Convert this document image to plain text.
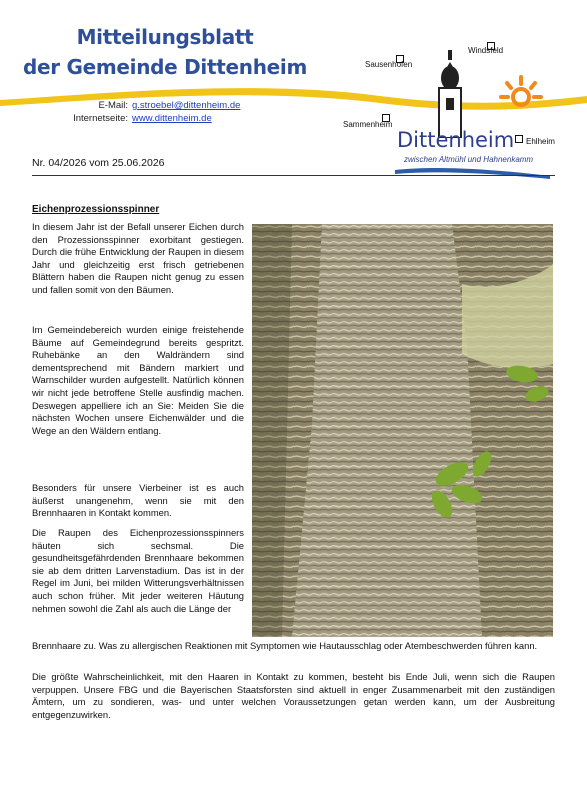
Mitteilungsblatt
der Gemeinde Dittenheim
E-Mail: g.stroebel@dittenheim.de
Internetseite: www.dittenheim.de
Sausenhofen
Windsfeld
Sammenheim
Ehlheim
Dittenheim
zwischen Altmühl und Hahnenkamm
Nr. 04/2026 vom 25.06.2026
Eichenprozessionsspinner

In diesem Jahr ist der Befall unserer Eichen durch den Prozessionsspinner exorbitant gestiegen. Durch die frühe Entwicklung der Raupen in diesem Jahr und gleichzeitig erst frisch getriebenen Blättern haben die Raupen nicht genug zu essen und fallen somit von den Bäumen.

Im Gemeindebereich wurden einige freistehende Bäume auf Gemeindegrund bereits gespritzt. Ruhebänke an den Waldrändern sind dementsprechend mit Bändern markiert und Warnschilder wurden aufgestellt. Natürlich können wir nicht jede betroffene Stelle ausfindig machen. Deswegen appelliere ich an Sie: Meiden Sie die nächsten Wochen unsere Eichenwälder und die Wege an den Wäldern entlang.

Besonders für unsere Vierbeiner ist es auch äußerst unangenehm, wenn sie mit den Brennhaaren in Kontakt kommen.

Die Raupen des Eichenprozessionsspinners häuten sich sechsmal. Die gesundheitsgefährdenden Brennhaare bekommen sie ab dem dritten Larvenstadium. Das ist in der Regel im Juni, bei milden Witterungsverhältnissen auch schon früher. Mit jeder weiteren Häutung nehmen sowohl die Zahl als auch die Länge der

Brennhaare zu. Was zu allergischen Reaktionen mit Symptomen wie Hautausschlag oder Atembeschwerden führen kann.

Die größte Wahrscheinlichkeit, mit den Haaren in Kontakt zu kommen, besteht bis Ende Juli, wenn sich die Raupen verpuppen. Unsere FBG und die Bayerischen Staatsforsten sind aktuell in enger Zusammenarbeit mit den zuständigen Ämtern, um zu sondieren, was- und unter welchen Voraussetzungen getan werden kann, um der Ausbreitung entgegenzuwirken.
